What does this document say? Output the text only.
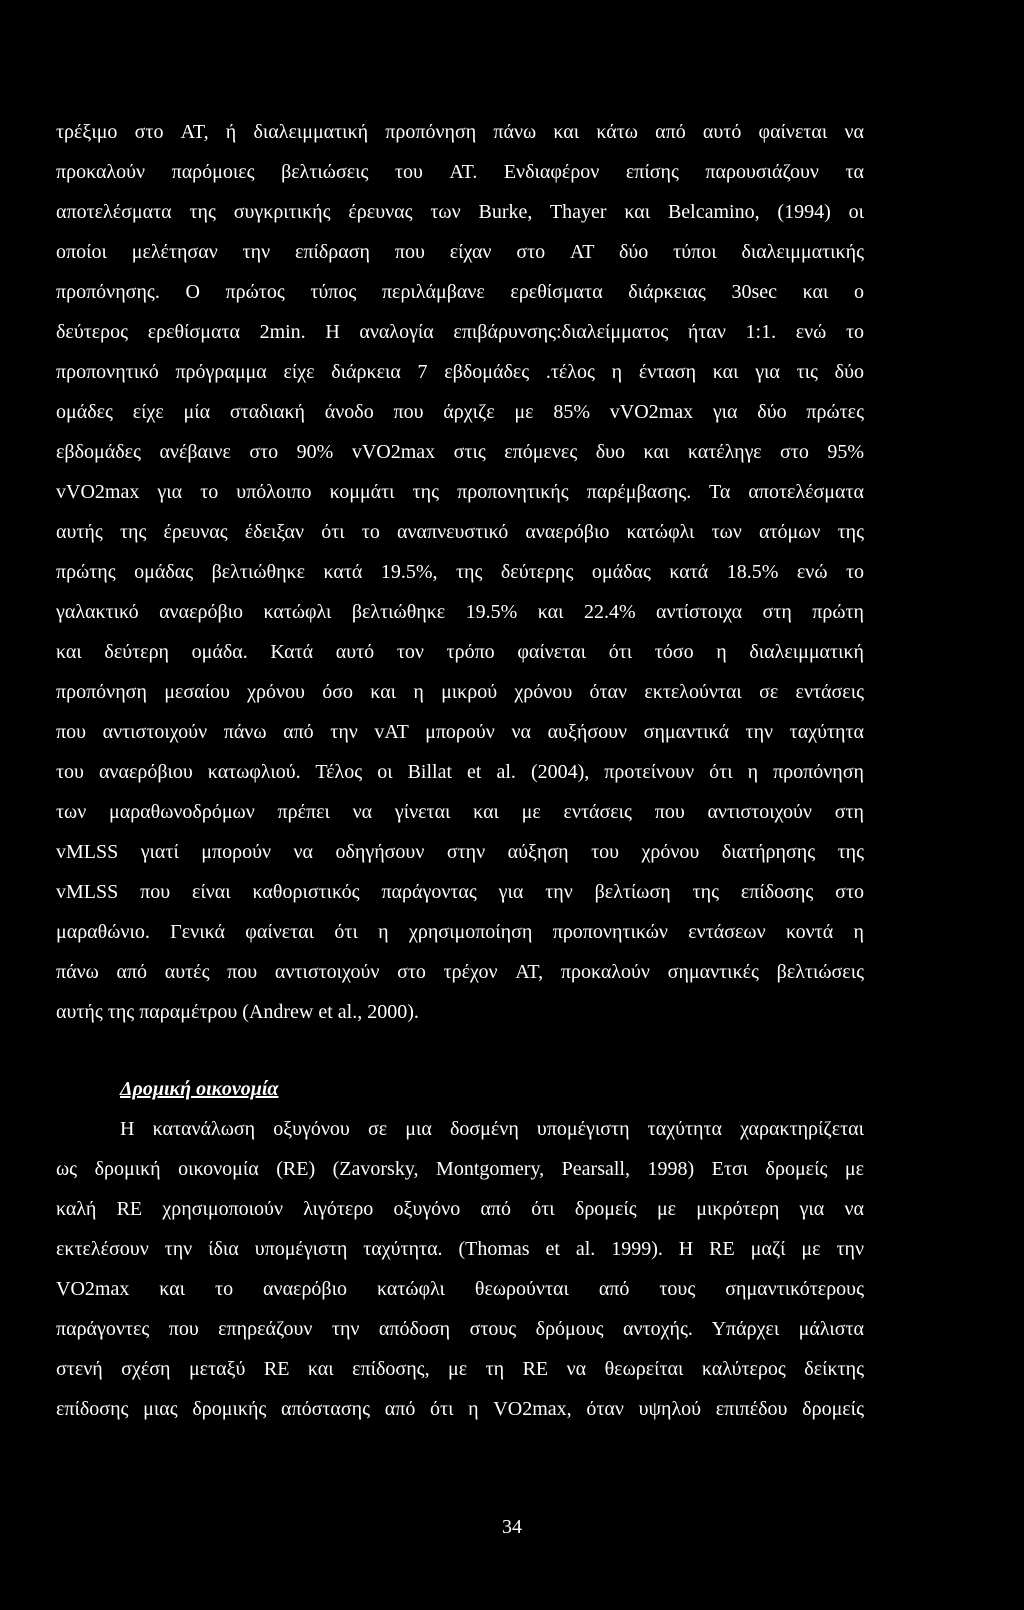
τρέξιμο στο AT, ή διαλειμματική προπόνηση πάνω και κάτω από αυτό φαίνεται να
προκαλούν παρόμοιες βελτιώσεις του AT. Ενδιαφέρον επίσης παρουσιάζουν τα
αποτελέσματα της συγκριτικής έρευνας των Burke, Thayer και Belcamino, (1994) οι
οποίοι μελέτησαν την επίδραση που είχαν στο AT δύο τύποι διαλειμματικής
προπόνησης. Ο πρώτος τύπος περιλάμβανε ερεθίσματα διάρκειας 30sec και ο
δεύτερος ερεθίσματα 2min. Η αναλογία επιβάρυνσης:διαλείμματος ήταν 1:1. ενώ το
προπονητικό πρόγραμμα είχε διάρκεια 7 εβδομάδες .τέλος η ένταση και για τις δύο
ομάδες είχε μία σταδιακή άνοδο που άρχιζε με 85% vVO2max για δύο πρώτες
εβδομάδες ανέβαινε στο 90% vVO2max στις επόμενες δυο και κατέληγε στο 95%
vVO2max για το υπόλοιπο κομμάτι της προπονητικής παρέμβασης. Τα αποτελέσματα
αυτής της έρευνας έδειξαν ότι το αναπνευστικό αναερόβιο κατώφλι των ατόμων της
πρώτης ομάδας βελτιώθηκε κατά 19.5%, της δεύτερης ομάδας κατά 18.5% ενώ το
γαλακτικό αναερόβιο κατώφλι βελτιώθηκε 19.5% και 22.4% αντίστοιχα στη πρώτη
και δεύτερη ομάδα. Κατά αυτό τον τρόπο φαίνεται ότι τόσο η διαλειμματική
προπόνηση μεσαίου χρόνου όσο και η μικρού χρόνου όταν εκτελούνται σε εντάσεις
που αντιστοιχούν πάνω από την vAT μπορούν να αυξήσουν σημαντικά την ταχύτητα
του αναερόβιου κατωφλιού. Τέλος οι Billat et al. (2004), προτείνουν ότι η προπόνηση
των μαραθωνοδρόμων πρέπει να γίνεται και με εντάσεις που αντιστοιχούν στη
vMLSS γιατί μπορούν να οδηγήσουν στην αύξηση του χρόνου διατήρησης της
vMLSS που είναι καθοριστικός παράγοντας για την βελτίωση της επίδοσης στο
μαραθώνιο. Γενικά φαίνεται ότι η χρησιμοποίηση προπονητικών εντάσεων κοντά η
πάνω από αυτές που αντιστοιχούν στο τρέχον AT, προκαλούν σημαντικές βελτιώσεις
αυτής της παραμέτρου (Andrew et al., 2000).
Δρομική οικονομία
Η κατανάλωση οξυγόνου σε μια δοσμένη υπομέγιστη ταχύτητα χαρακτηρίζεται
ως δρομική οικονομία (RE) (Zavorsky, Montgomery, Pearsall, 1998) Ετσι δρομείς με
καλή RE χρησιμοποιούν λιγότερο οξυγόνο από ότι δρομείς με μικρότερη για να
εκτελέσουν την ίδια υπομέγιστη ταχύτητα. (Thomas et al. 1999). Η RE μαζί με την
VO2max και το αναερόβιο κατώφλι θεωρούνται από τους σημαντικότερους
παράγοντες που επηρεάζουν την απόδοση στους δρόμους αντοχής. Υπάρχει μάλιστα
στενή σχέση μεταξύ RE και επίδοσης, με τη RE να θεωρείται καλύτερος δείκτης
επίδοσης μιας δρομικής απόστασης από ότι η VO2max, όταν υψηλού επιπέδου δρομείς
34
